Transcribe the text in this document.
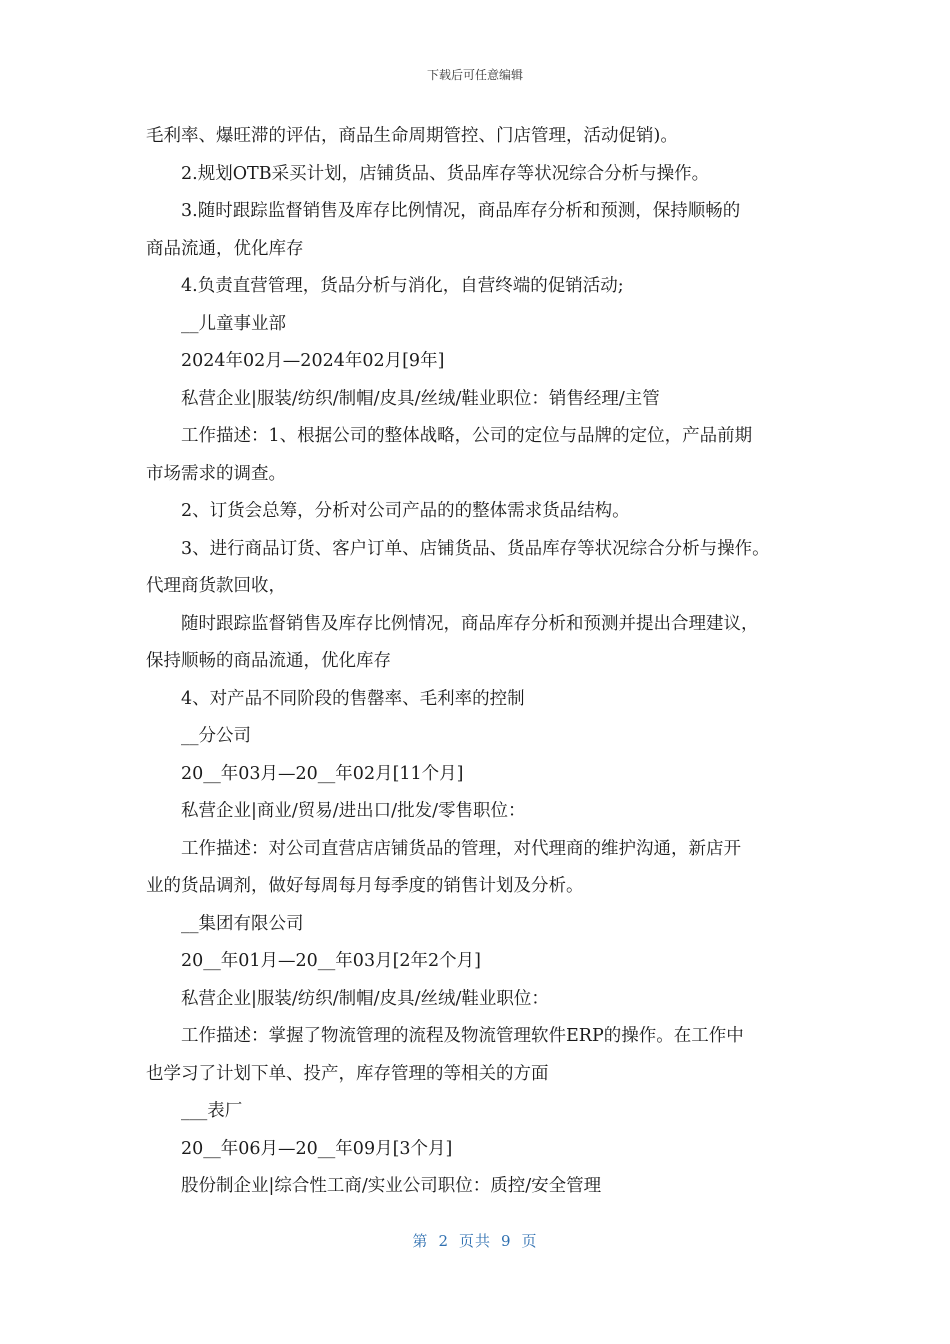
下载后可任意编辑
毛利率、爆旺滞的评估，商品生命周期管控、门店管理，活动促销)。
2.规划OTB采买计划，店铺货品、货品库存等状况综合分析与操作。
3.随时跟踪监督销售及库存比例情况，商品库存分析和预测，保持顺畅的
商品流通，优化库存
4.负责直营管理，货品分析与消化，自营终端的促销活动;
__儿童事业部
2024年02月—2024年02月[9年]
私营企业|服装/纺织/制帽/皮具/丝绒/鞋业职位：销售经理/主管
工作描述：1、根据公司的整体战略，公司的定位与品牌的定位，产品前期
市场需求的调查。
2、订货会总筹，分析对公司产品的的整体需求货品结构。
3、进行商品订货、客户订单、店铺货品、货品库存等状况综合分析与操作。
代理商货款回收，
随时跟踪监督销售及库存比例情况，商品库存分析和预测并提出合理建议，
保持顺畅的商品流通，优化库存
4、对产品不同阶段的售罄率、毛利率的控制
__分公司
20__年03月—20__年02月[11个月]
私营企业|商业/贸易/进出口/批发/零售职位：
工作描述：对公司直营店店铺货品的管理，对代理商的维护沟通，新店开
业的货品调剂，做好每周每月每季度的销售计划及分析。
__集团有限公司
20__年01月—20__年03月[2年2个月]
私营企业|服装/纺织/制帽/皮具/丝绒/鞋业职位：
工作描述：掌握了物流管理的流程及物流管理软件ERP的操作。在工作中
也学习了计划下单、投产，库存管理的等相关的方面
___表厂
20__年06月—20__年09月[3个月]
股份制企业|综合性工商/实业公司职位：质控/安全管理
第 2 页共 9 页
